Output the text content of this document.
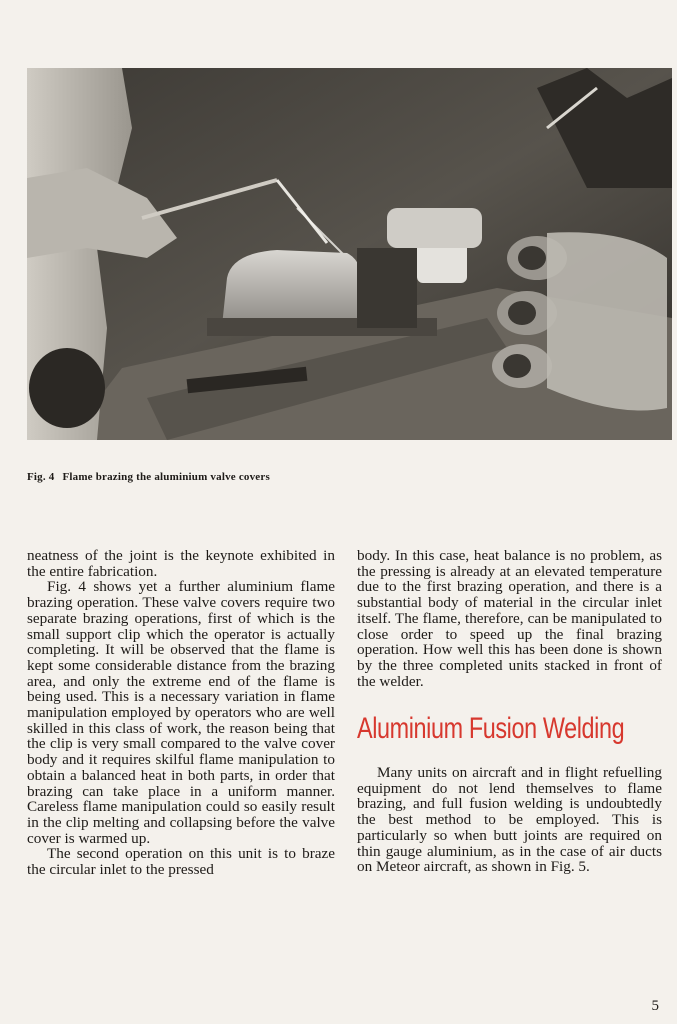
Fig. 4 Flame brazing the aluminium valve covers

neatness of the joint is the keynote exhibited in the entire fabrication.

Fig. 4 shows yet a further aluminium flame brazing operation. These valve covers require two separate brazing operations, first of which is the small support clip which the operator is actually completing. It will be observed that the flame is kept some considerable distance from the brazing area, and only the extreme end of the flame is being used. This is a necessary variation in flame manipulation employed by operators who are well skilled in this class of work, the reason being that the clip is very small compared to the valve cover body and it requires skilful flame manipulation to obtain a balanced heat in both parts, in order that brazing can take place in a uniform manner. Careless flame manipulation could so easily result in the clip melting and collapsing before the valve cover is warmed up.

The second operation on this unit is to braze the circular inlet to the pressed

body. In this case, heat balance is no problem, as the pressing is already at an elevated temperature due to the first brazing operation, and there is a substantial body of material in the circular inlet itself. The flame, therefore, can be manipulated to close order to speed up the final brazing operation. How well this has been done is shown by the three completed units stacked in front of the welder.

Aluminium Fusion Welding

Many units on aircraft and in flight refuelling equipment do not lend themselves to flame brazing, and full fusion welding is undoubtedly the best method to be employed. This is particularly so when butt joints are required on thin gauge aluminium, as in the case of air ducts on Meteor aircraft, as shown in Fig. 5.

5
